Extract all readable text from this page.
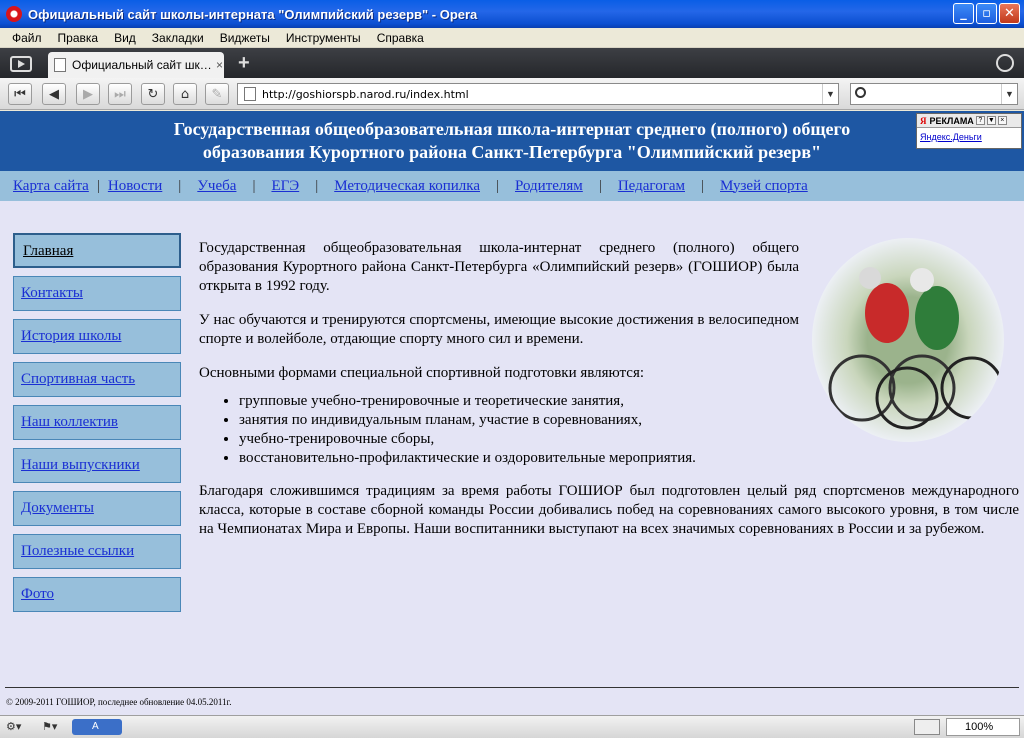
Официальный сайт школы-интерната "Олимпийский резерв" - Opera	_	▫	✕
Файл	Правка	Вид	Закладки	Виджеты	Инструменты	Справка
Официальный сайт шк… × +
⏮	◀	▶	⏭	↻	⌂	✎	http://goshiorspb.narod.ru/index.html	▼	▼
Государственная общеобразовательная школа-интернат среднего (полного) общего
образования Курортного района Санкт-Петербурга "Олимпийский резерв"
Я РЕКЛАМА ? ▼ ×
Яндекс.Деньги
Карта сайта | Новости | Учеба | ЕГЭ | Методическая копилка | Родителям | Педагогам | Музей спорта
Главная
Контакты
История школы
Спортивная часть
Наш коллектив
Наши выпускники
Документы
Полезные ссылки
Фото

Государственная общеобразовательная школа-интернат среднего (полного) общего образования Курортного района Санкт-Петербурга «Олимпийский резерв» (ГОШИОР) была открыта в 1992 году.

У нас обучаются и тренируются спортсмены, имеющие высокие достижения в велосипедном спорте и волейболе, отдающие спорту много сил и времени.

Основными формами специальной спортивной подготовки являются:

• групповые учебно-тренировочные и теоретические занятия,
• занятия по индивидуальным планам, участие в соревнованиях,
• учебно-тренировочные сборы,
• восстановительно-профилактические и оздоровительные мероприятия.

Благодаря сложившимся традициям за время работы ГОШИОР был подготовлен целый ряд спортсменов международного класса, которые в составе сборной команды России добивались побед на соревнованиях самого высокого уровня, в том числе на Чемпионатах Мира и Европы. Наши воспитанники выступают на всех значимых соревнованиях в России и за рубежом.

© 2009-2011 ГОШИОР, последнее обновление 04.05.2011г.
⚙▾ ⚑▾	A	100%
